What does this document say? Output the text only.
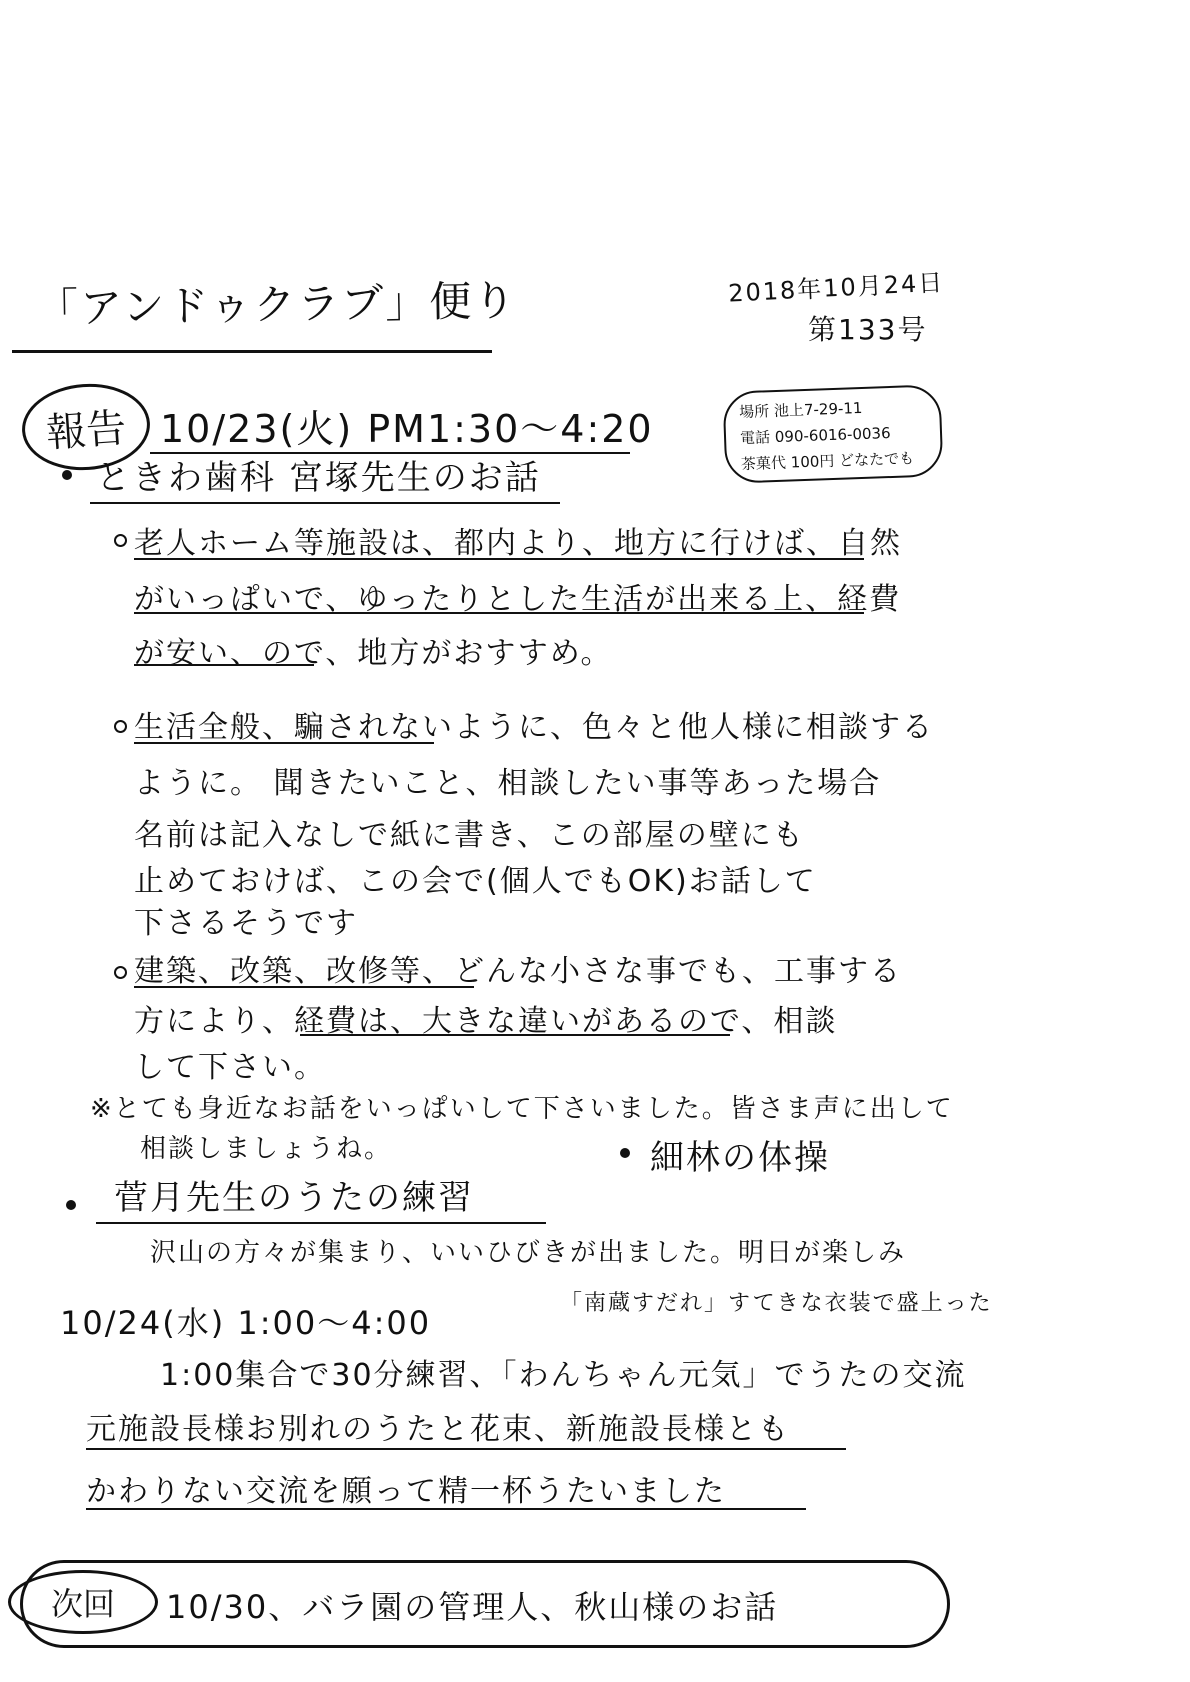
「アンドゥクラブ」便り	2018年10月24日
第133号
報告 10/23(火) PM1:30〜4:20	場所 池上7-29-11
電話 090-6016-0036
茶菓代 100円 どなたでも
ときわ歯科 宮塚先生のお話
老人ホーム等施設は、都内より、地方に行けば、自然
がいっぱいで、ゆったりとした生活が出来る上、経費
が安い、ので、地方がおすすめ。
生活全般、騙されないように、色々と他人様に相談する
ように。 聞きたいこと、相談したい事等あった場合
名前は記入なしで紙に書き、この部屋の壁にも
止めておけば、この会で(個人でもOK)お話して
下さるそうです
建築、改築、改修等、どんな小さな事でも、工事する
方により、経費は、大きな違いがあるので、相談
して下さい。
※とても身近なお話をいっぱいして下さいました。皆さま声に出して
相談しましょうね。	細林の体操
菅月先生のうたの練習
沢山の方々が集まり、いいひびきが出ました。明日が楽しみ
「南蔵すだれ」すてきな衣装で盛上った
10/24(水) 1:00〜4:00
1:00集合で30分練習、「わんちゃん元気」でうたの交流
元施設長様お別れのうたと花束、新施設長様とも
かわりない交流を願って精一杯うたいました
次回 10/30、バラ園の管理人、秋山様のお話
